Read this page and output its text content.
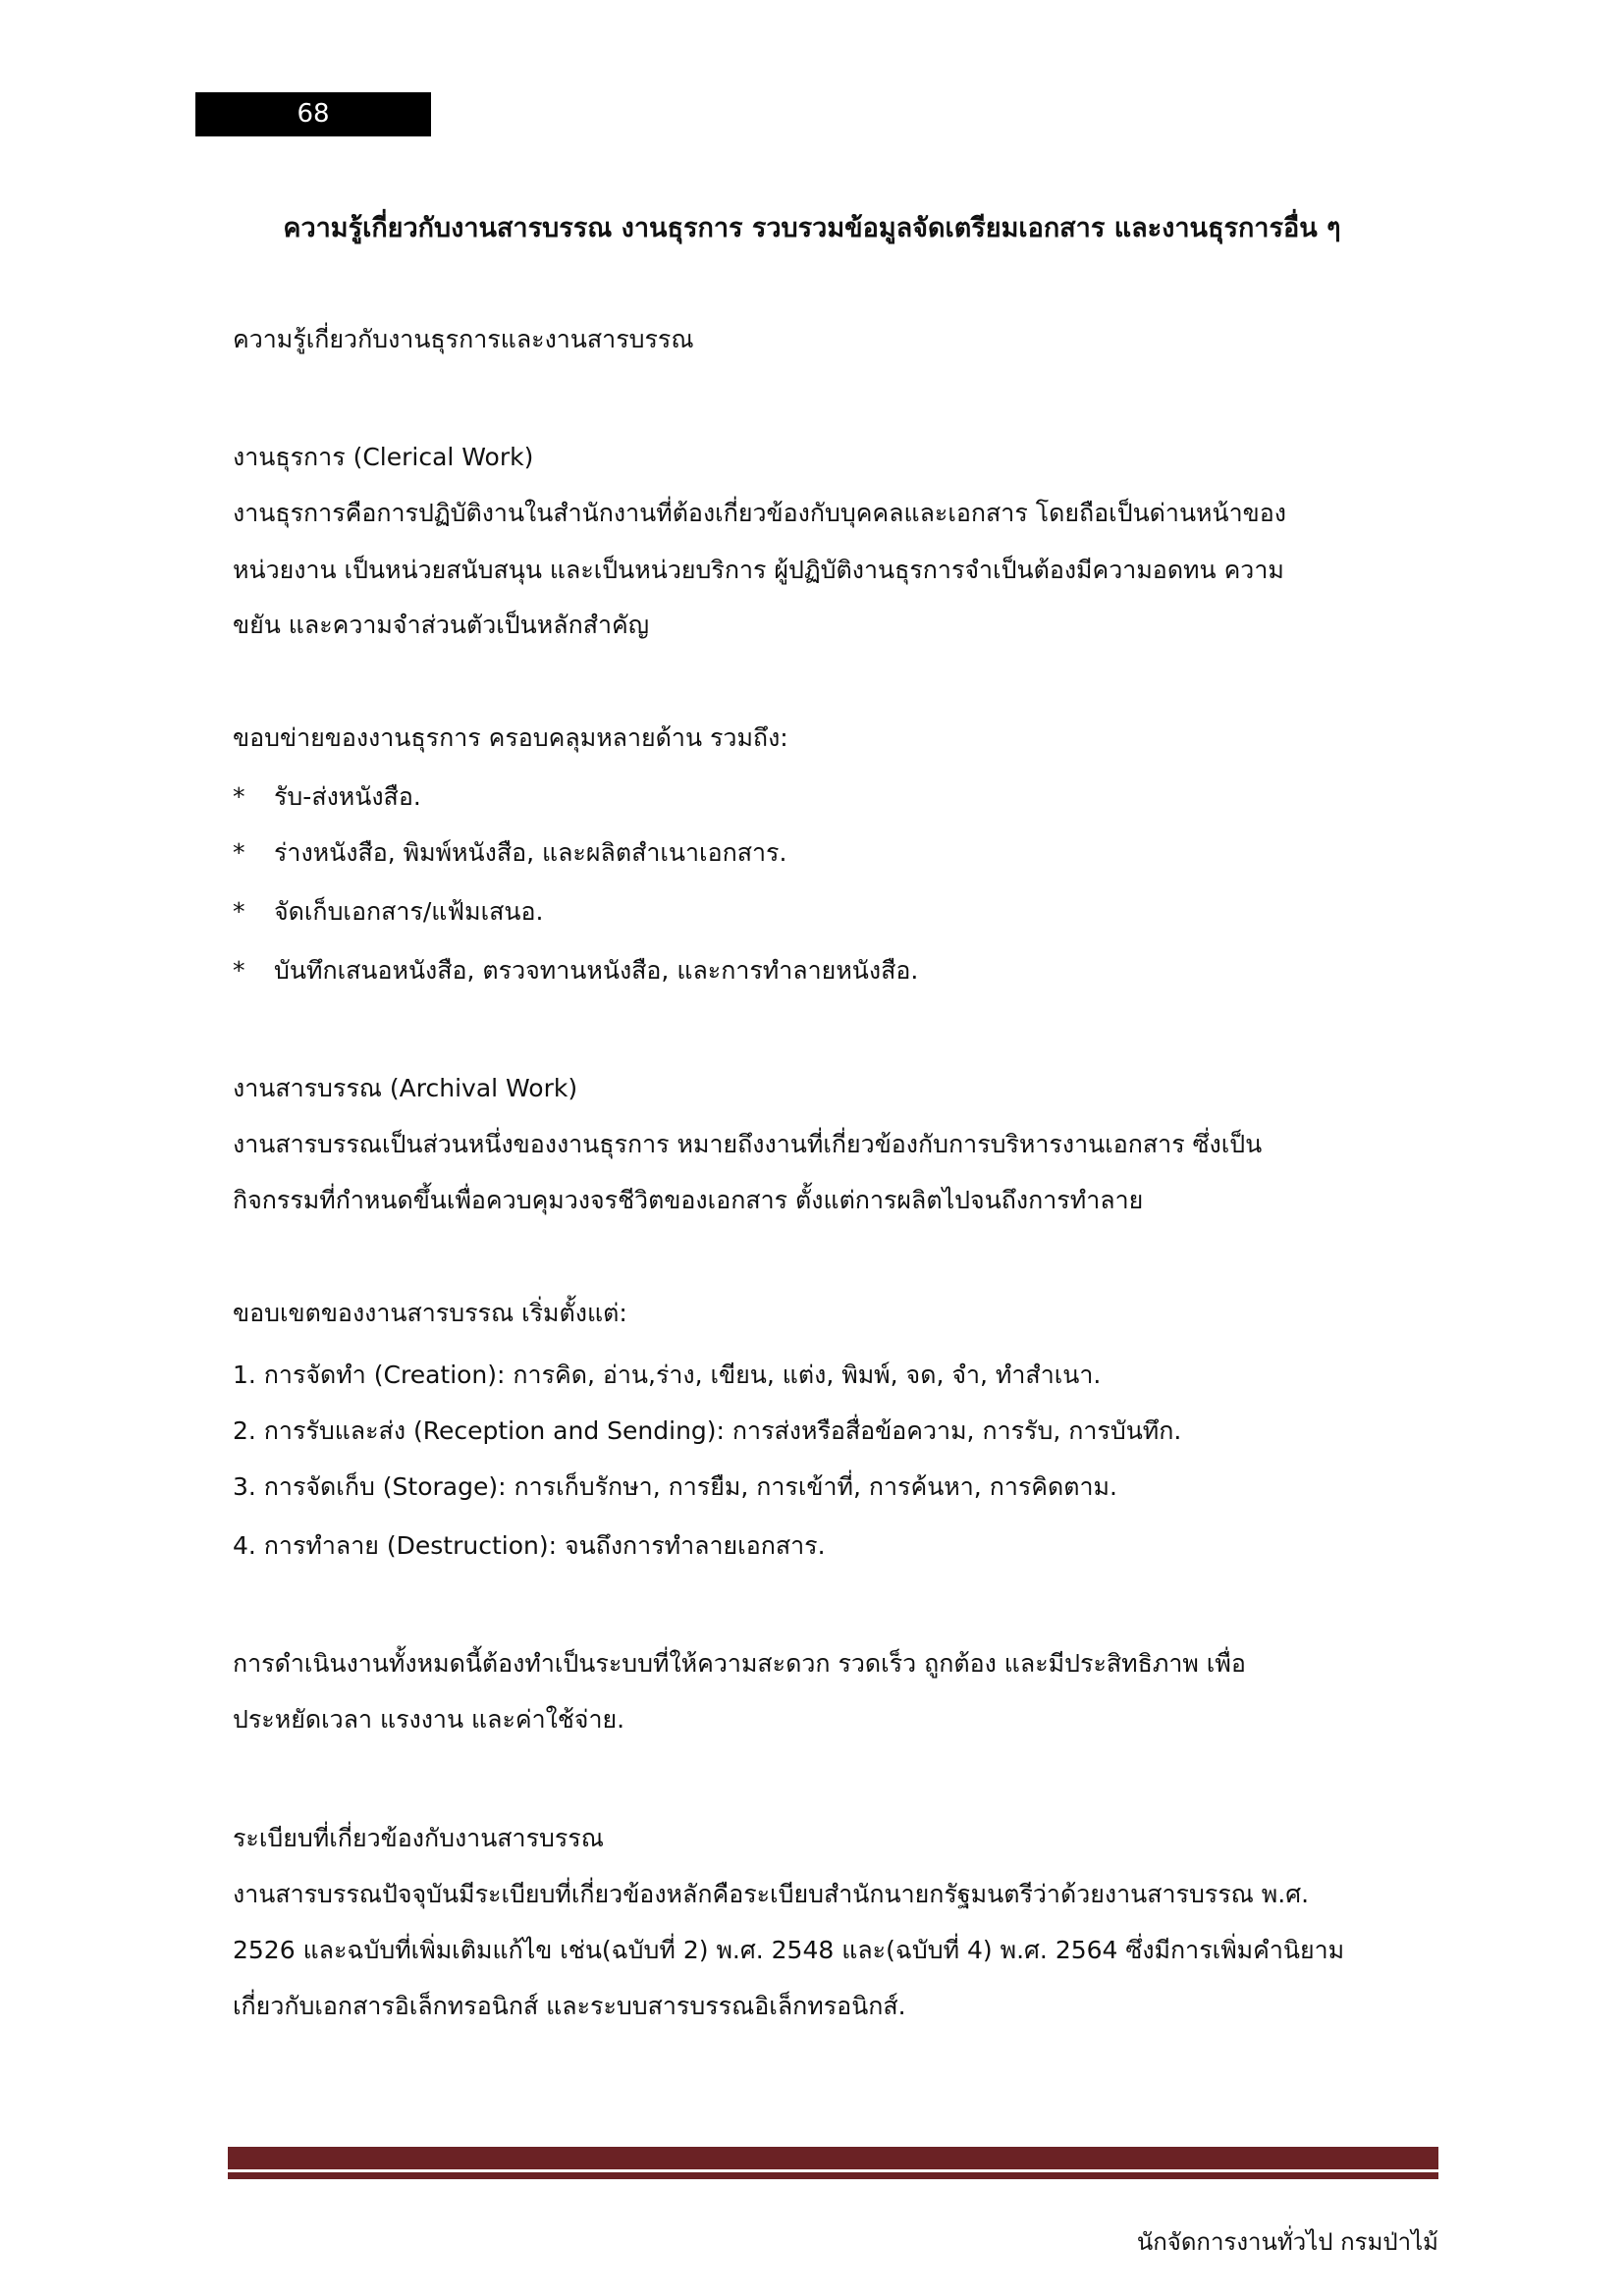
68
ความรู้เกี่ยวกับงานสารบรรณ งานธุรการ รวบรวมข้อมูลจัดเตรียมเอกสาร และงานธุรการอื่น ๆ
ความรู้เกี่ยวกับงานธุรการและงานสารบรรณ
งานธุรการ (Clerical Work)
งานธุรการคือการปฏิบัติงานในสำนักงานที่ต้องเกี่ยวข้องกับบุคคลและเอกสาร โดยถือเป็นด่านหน้าของ
หน่วยงาน เป็นหน่วยสนับสนุน และเป็นหน่วยบริการ ผู้ปฏิบัติงานธุรการจำเป็นต้องมีความอดทน ความ
ขยัน และความจำส่วนตัวเป็นหลักสำคัญ
ขอบข่ายของงานธุรการ ครอบคลุมหลายด้าน รวมถึง:
* รับ-ส่งหนังสือ.
* ร่างหนังสือ, พิมพ์หนังสือ, และผลิตสำเนาเอกสาร.
* จัดเก็บเอกสาร/แฟ้มเสนอ.
* บันทึกเสนอหนังสือ, ตรวจทานหนังสือ, และการทำลายหนังสือ.
งานสารบรรณ (Archival Work)
งานสารบรรณเป็นส่วนหนึ่งของงานธุรการ หมายถึงงานที่เกี่ยวข้องกับการบริหารงานเอกสาร ซึ่งเป็น
กิจกรรมที่กำหนดขึ้นเพื่อควบคุมวงจรชีวิตของเอกสาร ตั้งแต่การผลิตไปจนถึงการทำลาย
ขอบเขตของงานสารบรรณ เริ่มตั้งแต่:
1. การจัดทำ (Creation): การคิด, อ่าน,ร่าง, เขียน, แต่ง, พิมพ์, จด, จำ, ทำสำเนา.
2. การรับและส่ง (Reception and Sending): การส่งหรือสื่อข้อความ, การรับ, การบันทึก.
3. การจัดเก็บ (Storage): การเก็บรักษา, การยืม, การเข้าที่, การค้นหา, การคิดตาม.
4. การทำลาย (Destruction): จนถึงการทำลายเอกสาร.
การดำเนินงานทั้งหมดนี้ต้องทำเป็นระบบที่ให้ความสะดวก รวดเร็ว ถูกต้อง และมีประสิทธิภาพ เพื่อ
ประหยัดเวลา แรงงาน และค่าใช้จ่าย.
ระเบียบที่เกี่ยวข้องกับงานสารบรรณ
งานสารบรรณปัจจุบันมีระเบียบที่เกี่ยวข้องหลักคือระเบียบสำนักนายกรัฐมนตรีว่าด้วยงานสารบรรณ พ.ศ.
2526 และฉบับที่เพิ่มเติมแก้ไข เช่น(ฉบับที่ 2) พ.ศ. 2548 และ(ฉบับที่ 4) พ.ศ. 2564 ซึ่งมีการเพิ่มคำนิยาม
เกี่ยวกับเอกสารอิเล็กทรอนิกส์ และระบบสารบรรณอิเล็กทรอนิกส์.
นักจัดการงานทั่วไป กรมป่าไม้
